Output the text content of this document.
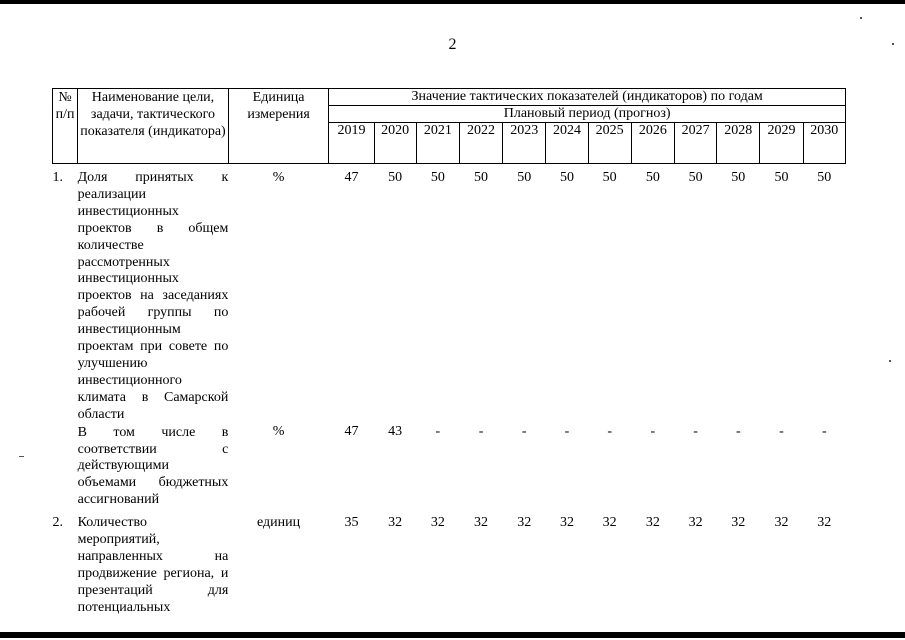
2
№ п/п	Наименование цели, задачи, тактического показателя (индикатора)	Единица измерения	Значение тактических показателей (индикаторов) по годам											
			Плановый период (прогноз)											
			2019	2020	2021	2022	2023	2024	2025	2026	2027	2028	2029	2030
1.	Доля принятых к реализации инвестиционных проектов в общем количестве рассмотренных инвестиционных проектов на заседаниях рабочей группы по инвестиционным проектам при совете по улучшению инвестиционного климата в Самарской области	%	47	50	50	50	50	50	50	50	50	50	50	50
	В том числе в соответствии с действующими объемами бюджетных ассигнований	%	47	43	-	-	-	-	-	-	-	-	-	-
2.	Количество мероприятий, направленных на продвижение региона, и презентаций для потенциальных	единиц	35	32	32	32	32	32	32	32	32	32	32	32
